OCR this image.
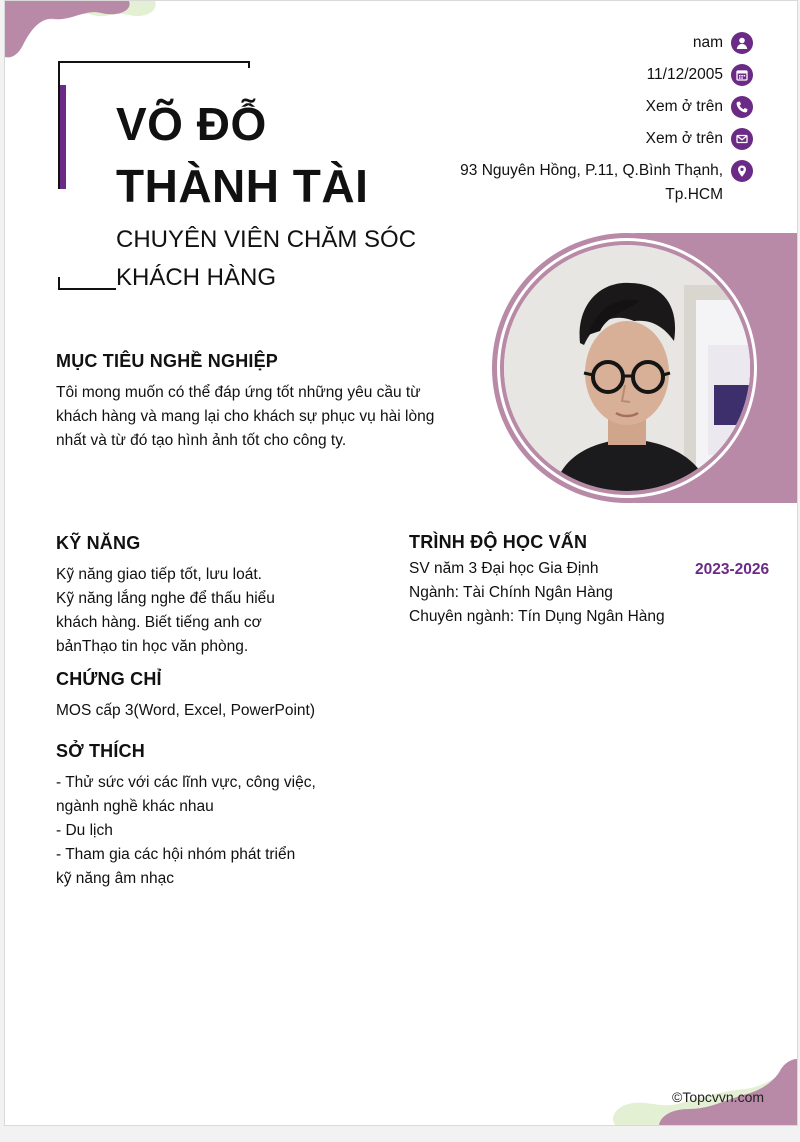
VÕ ĐỖ
THÀNH TÀI
CHUYÊN VIÊN CHĂM SÓC
KHÁCH HÀNG
nam
11/12/2005
Xem ở trên
Xem ở trên
93 Nguyên Hồng, P.11, Q.Bình Thạnh,
Tp.HCM
MỤC TIÊU NGHỀ NGHIỆP

Tôi mong muốn có thể đáp ứng tốt những yêu cầu từ
khách hàng và mang lại cho khách sự phục vụ hài lòng
nhất và từ đó tạo hình ảnh tốt cho công ty.

KỸ NĂNG

Kỹ năng giao tiếp tốt, lưu loát.
Kỹ năng lắng nghe để thấu hiểu
khách hàng. Biết tiếng anh cơ
bảnThạo tin học văn phòng.

CHỨNG CHỈ

MOS cấp 3(Word, Excel, PowerPoint)

SỞ THÍCH

- Thử sức với các lĩnh vực, công việc,
ngành nghề khác nhau
- Du lịch
- Tham gia các hội nhóm phát triển
kỹ năng âm nhạc

TRÌNH ĐỘ HỌC VẤN
2023-2026

SV năm 3 Đại học Gia Định
Ngành: Tài Chính Ngân Hàng
Chuyên ngành: Tín Dụng Ngân Hàng

©Topcvvn.com
